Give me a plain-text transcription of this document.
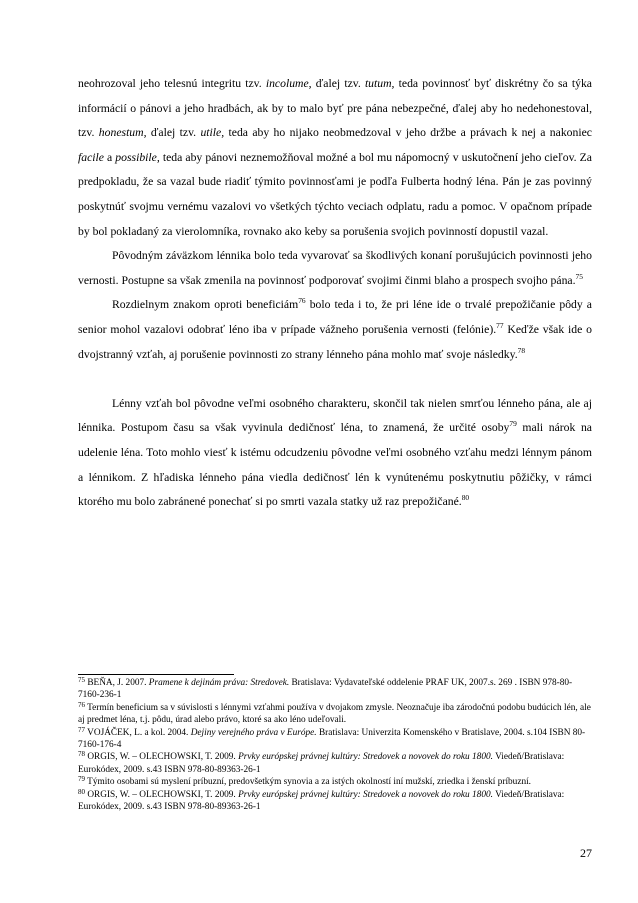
neohrozoval jeho telesnú integritu tzv. incolume, ďalej tzv. tutum, teda povinnosť byť diskrétny čo sa týka informácií o pánovi a jeho hradbách, ak by to malo byť pre pána nebezpečné, ďalej aby ho nedehonestoval, tzv. honestum, ďalej tzv. utile, teda aby ho nijako neobmedzoval v jeho držbe a právach k nej a nakoniec facile a possibile, teda aby pánovi neznemožňoval možné a bol mu nápomocný v uskutočnení jeho cieľov. Za predpokladu, že sa vazal bude riadiť týmito povinnosťami je podľa Fulberta hodný léna. Pán je zas povinný poskytnúť svojmu vernému vazalovi vo všetkých týchto veciach odplatu, radu a pomoc. V opačnom prípade by bol pokladaný za vierolomníka, rovnako ako keby sa porušenia svojich povinností dopustil vazal.

Pôvodným záväzkom lénnika bolo teda vyvarovať sa škodlivých konaní porušujúcich povinnosti jeho vernosti. Postupne sa však zmenila na povinnosť podporovať svojimi činmi blaho a prospech svojho pána.$^{75}$

Rozdielnym znakom oproti beneficiám$^{76}$ bolo teda i to, že pri léne ide o trvalé prepožičanie pôdy a senior mohol vazalovi odobrať léno iba v prípade vážneho porušenia vernosti (felónie).$^{77}$ Keďže však ide o dvojstranný vzťah, aj porušenie povinnosti zo strany lénneho pána mohlo mať svoje následky.$^{78}$

Lénny vzťah bol pôvodne veľmi osobného charakteru, skončil tak nielen smrťou lénneho pána, ale aj lénnika. Postupom času sa však vyvinula dedičnosť léna, to znamená, že určité osoby$^{79}$ mali nárok na udelenie léna. Toto mohlo viesť k istému odcudzeniu pôvodne veľmi osobného vzťahu medzi lénnym pánom a lénnikom. Z hľadiska lénneho pána viedla dedičnosť lén k vynútenému poskytnutiu pôžičky, v rámci ktorého mu bolo zabránené ponechať si po smrti vazala statky už raz prepožičané.$^{80}$

$^{75}$ BEŇA, J. 2007. Pramene k dejinám práva: Stredovek. Bratislava: Vydavateľské oddelenie PRAF UK, 2007.s. 269 . ISBN 978-80-7160-236-1

$^{76}$ Termín beneficium sa v súvislosti s lénnymi vzťahmi používa v dvojakom zmysle. Neoznačuje iba zárodočnú podobu budúcich lén, ale aj predmet léna, t.j. pôdu, úrad alebo právo, ktoré sa ako léno udeľovali.

$^{77}$ VOJÁČEK, L. a kol. 2004. Dejiny verejného práva v Európe. Bratislava: Univerzita Komenského v Bratislave, 2004. s.104 ISBN 80-7160-176-4

$^{78}$ ORGIS, W. – OLECHOWSKI, T. 2009. Prvky európskej právnej kultúry: Stredovek a novovek do roku 1800. Viedeň/Bratislava: Eurokódex, 2009. s.43 ISBN 978-80-89363-26-1

$^{79}$ Týmito osobami sú myslení príbuzní, predovšetkým synovia a za istých okolností iní mužskí, zriedka i ženskí príbuzní.

$^{80}$ ORGIS, W. – OLECHOWSKI, T. 2009. Prvky európskej právnej kultúry: Stredovek a novovek do roku 1800. Viedeň/Bratislava: Eurokódex, 2009. s.43 ISBN 978-80-89363-26-1

27
